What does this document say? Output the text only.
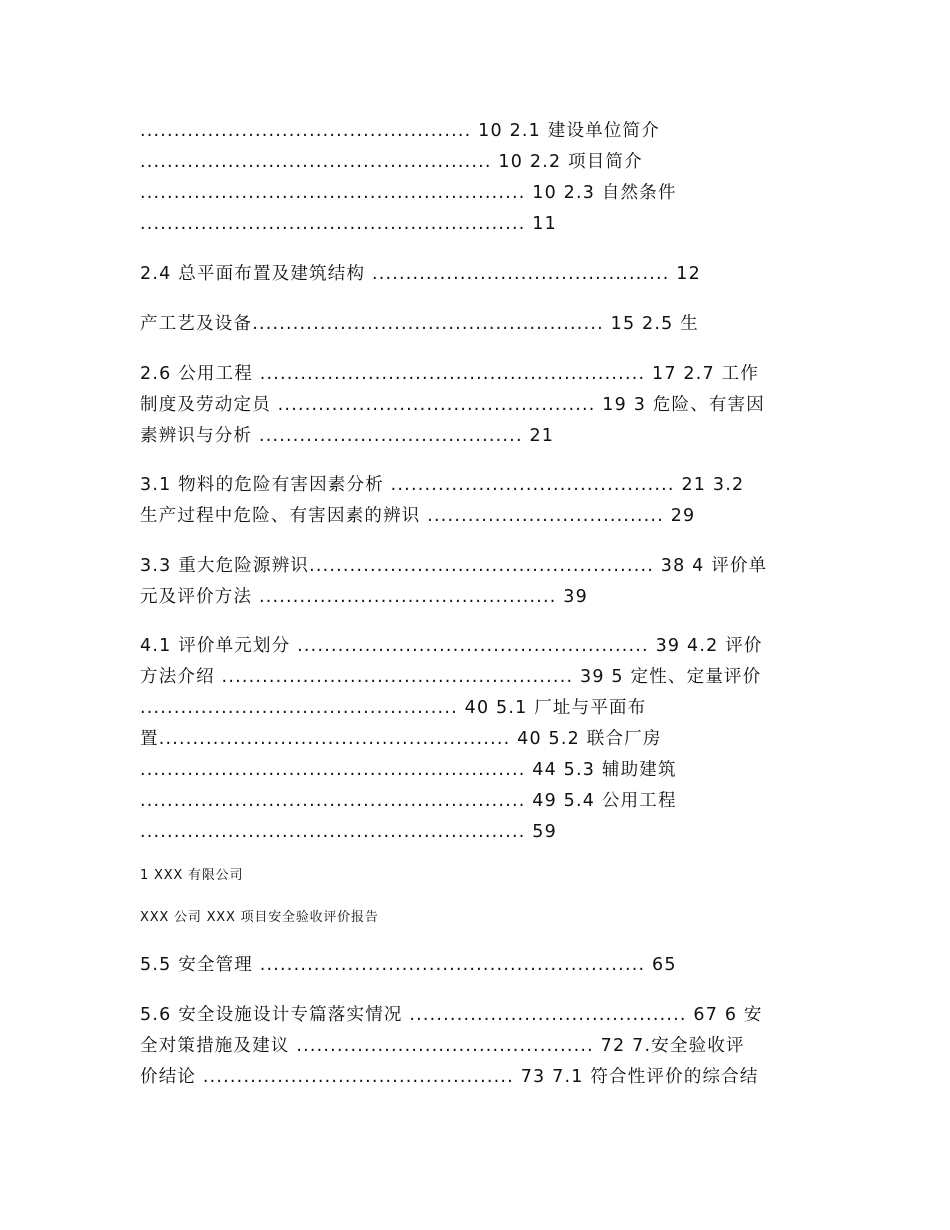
................................................. 10 2.1 建设单位简介
.................................................... 10 2.2 项目简介
......................................................... 10 2.3 自然条件
......................................................... 11
2.4 总平面布置及建筑结构 ............................................ 12
产工艺及设备.................................................... 15 2.5 生
2.6 公用工程 ......................................................... 17 2.7 工作
制度及劳动定员 ............................................... 19 3 危险、有害因
素辨识与分析 ....................................... 21
3.1 物料的危险有害因素分析 .......................................... 21 3.2
生产过程中危险、有害因素的辨识 ................................... 29
3.3 重大危险源辨识................................................... 38 4 评价单
元及评价方法 ............................................ 39
4.1 评价单元划分 .................................................... 39 4.2 评价
方法介绍 .................................................... 39 5 定性、定量评价
............................................... 40 5.1 厂址与平面布
置.................................................... 40 5.2 联合厂房
......................................................... 44 5.3 辅助建筑
......................................................... 49 5.4 公用工程
......................................................... 59
1 XXX 有限公司
XXX 公司 XXX 项目安全验收评价报告
5.5 安全管理 ......................................................... 65
5.6 安全设施设计专篇落实情况 ......................................... 67 6 安
全对策措施及建议 ............................................ 72 7.安全验收评
价结论 .............................................. 73 7.1 符合性评价的综合结
